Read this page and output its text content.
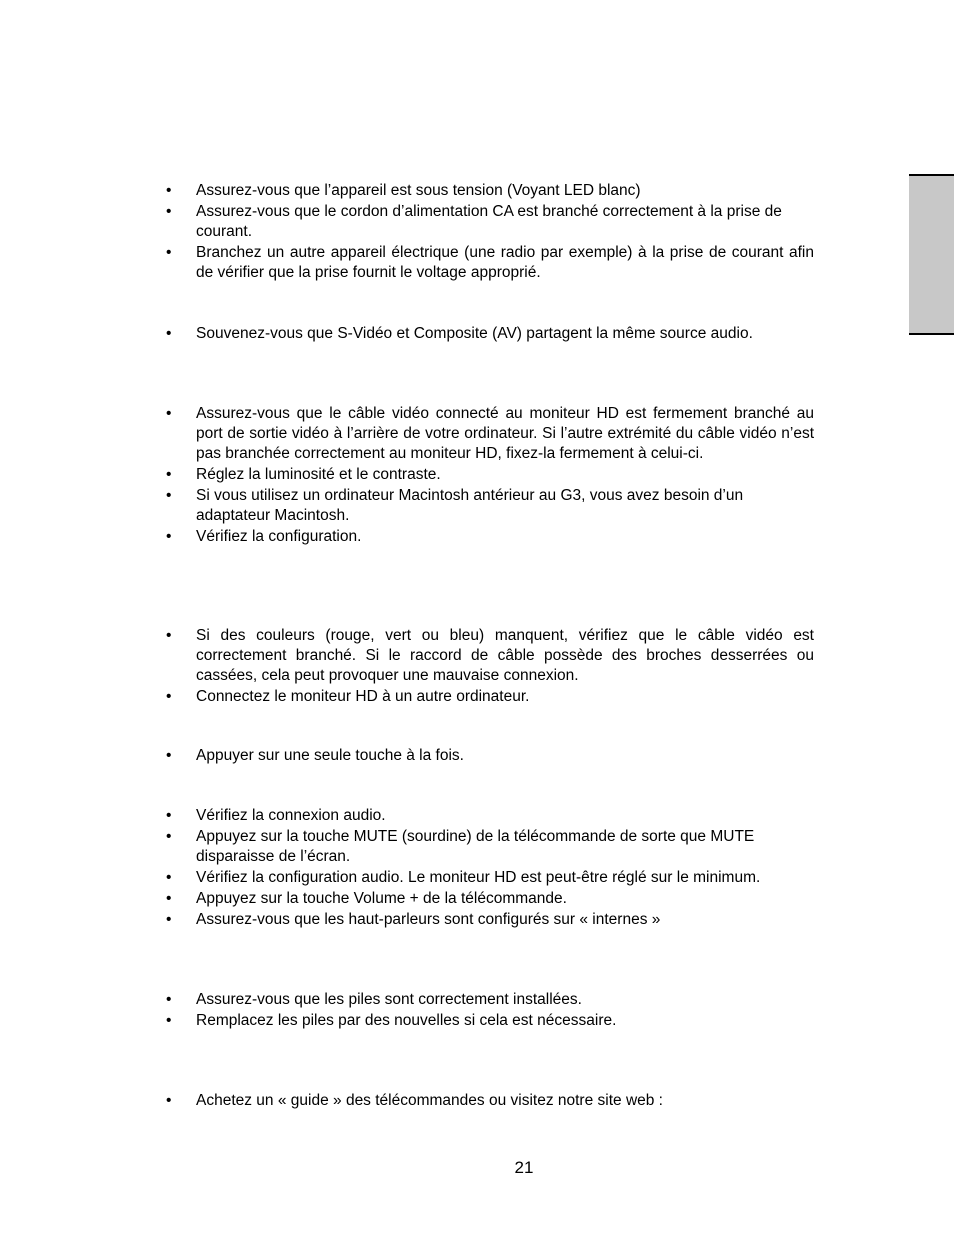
•	Assurez-vous que l’appareil est sous tension (Voyant LED blanc)
•	Assurez-vous que le cordon d’alimentation CA est branché correctement à la prise de courant.
•	Branchez un autre appareil électrique (une radio par exemple) à la prise de courant afin de vérifier que la prise fournit le voltage approprié.
•	Souvenez-vous que S-Vidéo et Composite (AV) partagent la même source audio.
•	Assurez-vous que le câble vidéo connecté au moniteur HD est fermement branché au port de sortie vidéo à l’arrière de votre ordinateur. Si l’autre extrémité du câble vidéo n’est pas branchée correctement au moniteur HD, fixez-la fermement à celui-ci.
•	Réglez la luminosité et le contraste.
•	Si vous utilisez un ordinateur Macintosh antérieur au G3, vous avez besoin d’un adaptateur Macintosh.
•	Vérifiez la configuration.
•	Si des couleurs (rouge, vert ou bleu) manquent, vérifiez que le câble vidéo est correctement branché. Si le raccord de câble possède des broches desserrées ou cassées, cela peut provoquer une mauvaise connexion.
•	Connectez le moniteur HD à un autre ordinateur.
•	Appuyer sur une seule touche à la fois.
•	Vérifiez la connexion audio.
•	Appuyez sur la touche MUTE (sourdine) de la télécommande de sorte que MUTE disparaisse de l’écran.
•	Vérifiez la configuration audio. Le moniteur HD est peut-être réglé sur le minimum.
•	Appuyez sur la touche Volume + de la télécommande.
•	Assurez-vous que les haut-parleurs sont configurés sur « internes »
•	Assurez-vous que les piles sont correctement installées.
•	Remplacez les piles par des nouvelles si cela est nécessaire.
•	Achetez un « guide » des télécommandes ou visitez notre site web :
21
